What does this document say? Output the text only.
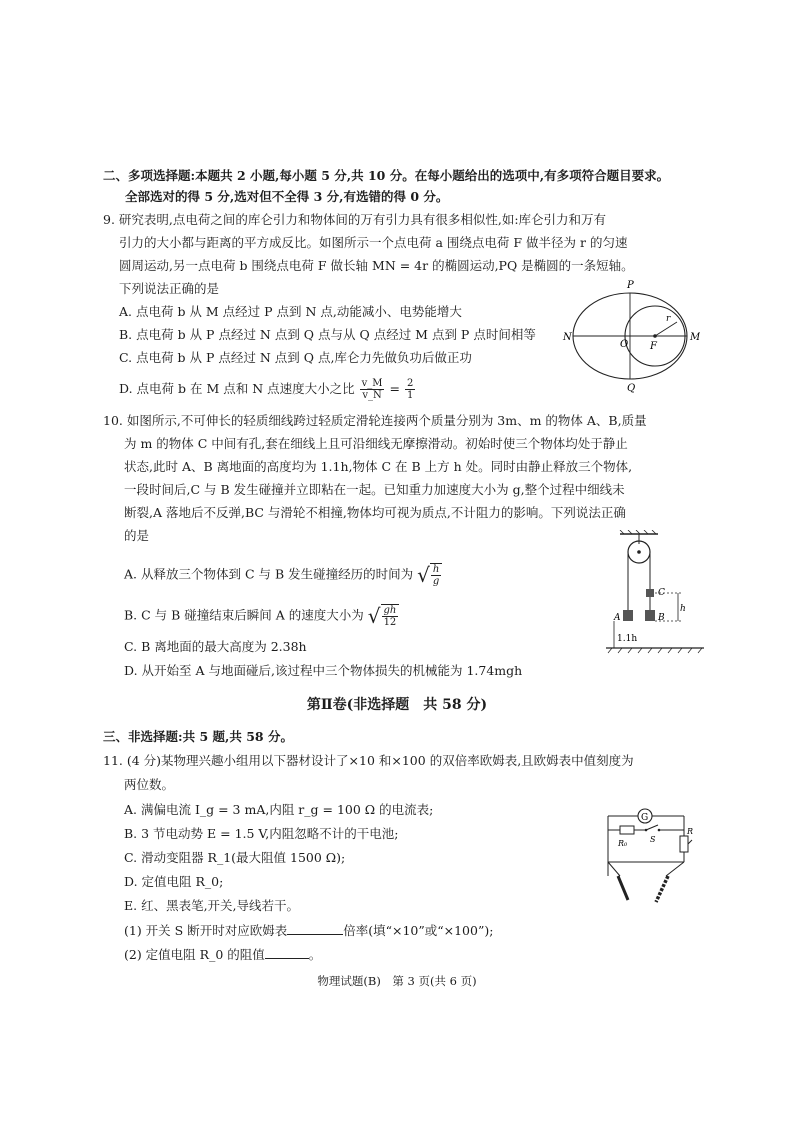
二、多项选择题:本题共 2 小题,每小题 5 分,共 10 分。在每小题给出的选项中,有多项符合题目要求。
全部选对的得 5 分,选对但不全得 3 分,有选错的得 0 分。
9. 研究表明,点电荷之间的库仑引力和物体间的万有引力具有很多相似性,如:库仑引力和万有
引力的大小都与距离的平方成反比。如图所示一个点电荷 a 围绕点电荷 F 做半径为 r 的匀速
圆周运动,另一点电荷 b 围绕点电荷 F 做长轴 MN = 4r 的椭圆运动,PQ 是椭圆的一条短轴。
下列说法正确的是
A. 点电荷 b 从 M 点经过 P 点到 N 点,动能减小、电势能增大
B. 点电荷 b 从 P 点经过 N 点到 Q 点与从 Q 点经过 M 点到 P 点时间相等
C. 点电荷 b 从 P 点经过 N 点到 Q 点,库仑力先做负功后做正功
D. 点电荷 b 在 M 点和 N 点速度大小之比 $\frac{v\_M}{v\_N} = \frac{2}{1}$
P
Q
N	M
O F
r
10. 如图所示,不可伸长的轻质细线跨过轻质定滑轮连接两个质量分别为 3m、m 的物体 A、B,质量
为 m 的物体 C 中间有孔,套在细线上且可沿细线无摩擦滑动。初始时使三个物体均处于静止
状态,此时 A、B 离地面的高度均为 1.1h,物体 C 在 B 上方 h 处。同时由静止释放三个物体,
一段时间后,C 与 B 发生碰撞并立即粘在一起。已知重力加速度大小为 g,整个过程中细线未
断裂,A 落地后不反弹,BC 与滑轮不相撞,物体均可视为质点,不计阻力的影响。下列说法正确
的是
A. 从释放三个物体到 C 与 B 发生碰撞经历的时间为 √ $\frac{h}{g}$
B. C 与 B 碰撞结束后瞬间 A 的速度大小为 √ $\frac{gh}{12}$
C. B 离地面的最大高度为 2.38h
D. 从开始至 A 与地面碰后,该过程中三个物体损失的机械能为 1.74mgh
A	B
C
h
1.1h
第Ⅱ卷(非选择题　共 58 分)
三、非选择题:共 5 题,共 58 分。
11. (4 分)某物理兴趣小组用以下器材设计了×10 和×100 的双倍率欧姆表,且欧姆表中值刻度为
两位数。
A. 满偏电流 I_g = 3 mA,内阻 r_g = 100 Ω 的电流表;
B. 3 节电动势 E = 1.5 V,内阻忽略不计的干电池;
C. 滑动变阻器 R_1(最大阻值 1500 Ω);
D. 定值电阻 R_0;
E. 红、黑表笔,开关,导线若干。
(1) 开关 S 断开时对应欧姆表	倍率(填“×10”或“×100”);
(2) 定值电阻 R_0 的阻值	。
G
R₀	S
R
物理试题(B)　第 3 页(共 6 页)
